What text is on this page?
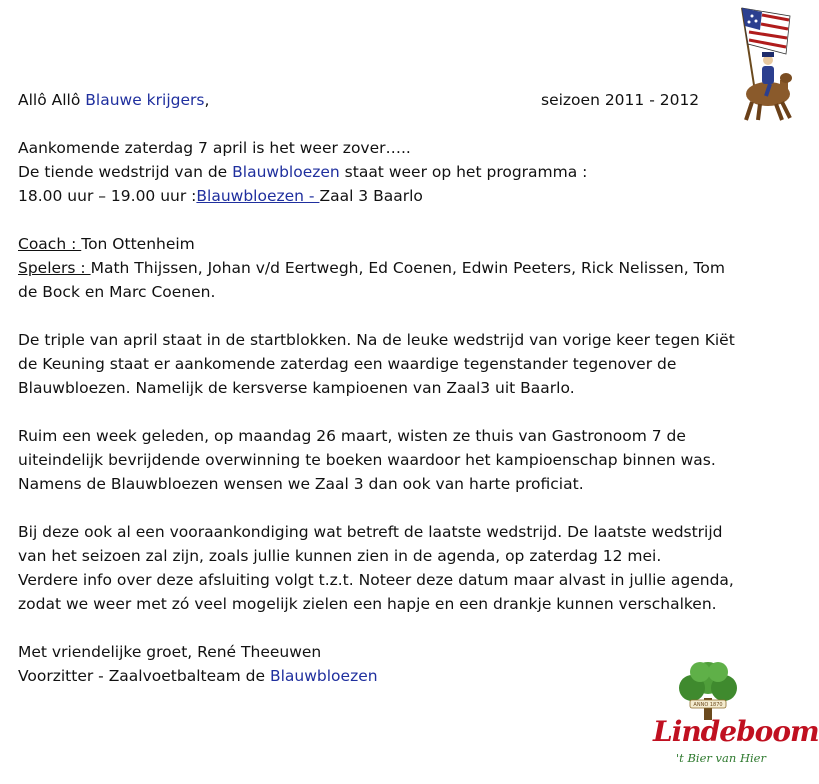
Allô Allô Blauwe krijgers,	seizoen 2011 - 2012
Aankomende zaterdag 7 april is het weer zover…..
De tiende wedstrijd van de Blauwbloezen staat weer op het programma :
18.00 uur – 19.00 uur :Blauwbloezen - Zaal 3 Baarlo
Coach : Ton Ottenheim
Spelers : Math Thijssen, Johan v/d Eertwegh, Ed Coenen, Edwin Peeters, Rick Nelissen, Tom
de Bock en Marc Coenen.
De triple van april staat in de startblokken. Na de leuke wedstrijd van vorige keer tegen Kiët
de Keuning staat er aankomende zaterdag een waardige tegenstander tegenover de
Blauwbloezen. Namelijk de kersverse kampioenen van Zaal3 uit Baarlo.
Ruim een week geleden, op maandag 26 maart, wisten ze thuis van Gastronoom 7 de
uiteindelijk bevrijdende overwinning te boeken waardoor het kampioenschap binnen was.
Namens de Blauwbloezen wensen we Zaal 3 dan ook van harte proficiat.
Bij deze ook al een vooraankondiging wat betreft de laatste wedstrijd. De laatste wedstrijd
van het seizoen zal zijn, zoals jullie kunnen zien in de agenda, op zaterdag 12 mei.
Verdere info over deze afsluiting volgt t.z.t. Noteer deze datum maar alvast in jullie agenda,
zodat we weer met zó veel mogelijk zielen een hapje en een drankje kunnen verschalken.
Met vriendelijke groet, René Theeuwen
Voorzitter - Zaalvoetbalteam de Blauwbloezen
ANNO 1870
Lindeboom
't Bier van Hier
